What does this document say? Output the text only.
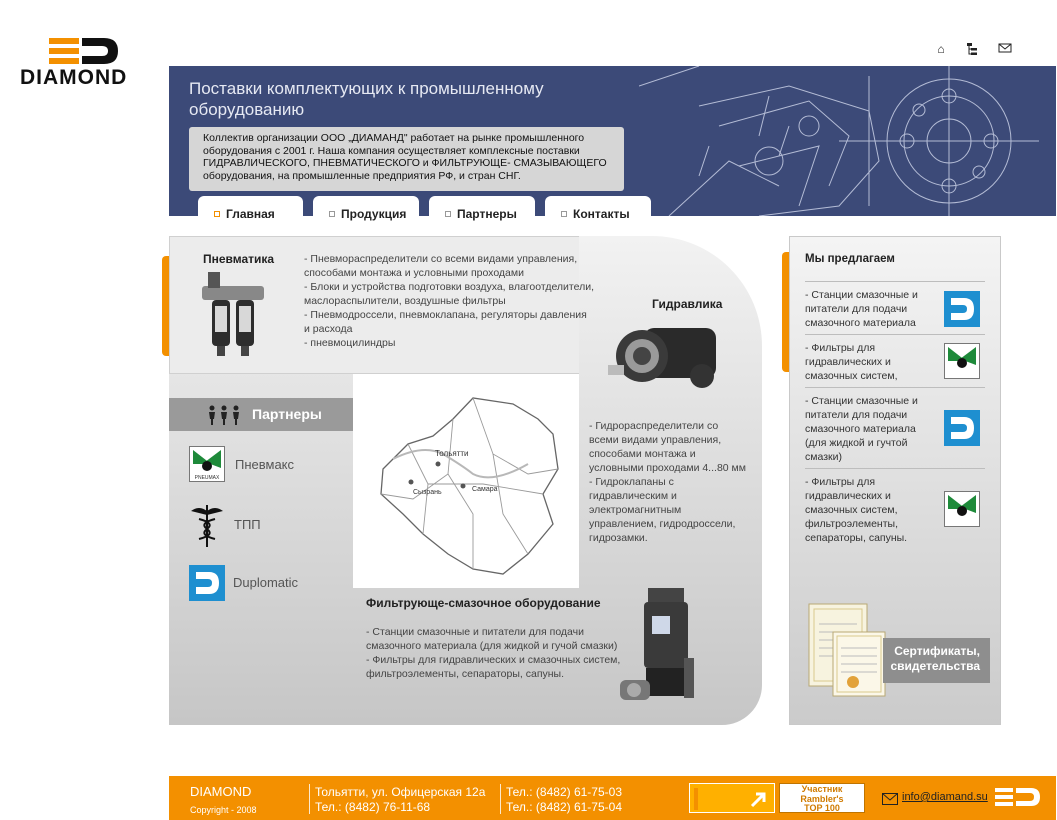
DIAMOND
⌂
Поставки комплектующих к промышленному оборудованию
Коллектив организации ООО „ДИАМАНД" работает на рынке промышленного оборудования с 2001 г. Наша компания осуществляет комплексные поставки ГИДРАВЛИЧЕСКОГО, ПНЕВМАТИЧЕСКОГО и ФИЛЬТРУЮЩЕ- СМАЗЫВАЮЩЕГО оборудования, на промышленные предприятия РФ, и стран СНГ.
Главная	Продукция	Партнеры	Контакты
Пневматика	- Пневмораспределители со всеми видами управления,
способами монтажа и условными проходами
- Блоки и устройства подготовки воздуха, влагоотделители,
маслораспылители, воздушные фильтры
- Пневмодроссели, пневмоклапана, регуляторы давления
и расхода
- пневмоцилиндры
Гидравлика
- Гидрораспределители со
всеми видами управления,
способами монтажа и
условными проходами 4...80 мм
- Гидроклапаны с
гидравлическим и
электромагнитным
управлением, гидродроссели,
гидрозамки.
Тольятти
Самара
Сызрань
Партнеры
PNEUMAX
Пневмакс
ТПП
Duplomatic
Фильтрующе-смазочное оборудование
- Станции смазочные и питатели для подачи
смазочного материала (для жидкой и гучой смазки)
- Фильтры для гидравлических и смазочных систем,
фильтроэлементы, сепараторы, сапуны.
Мы предлагаем
- Станции смазочные и
питатели для подачи
смазочного материала
- Фильтры для
гидравлических и
смазочных систем,
- Станции смазочные и
питатели для подачи
смазочного материала
(для жидкой и гучтой
смазки)
- Фильтры для
гидравлических и
смазочных систем,
фильтроэлементы,
сепараторы, сапуны.
Сертификаты,
свидетельства
DIAMOND
Copyright - 2008
Тольятти, ул. Офицерская 12а
Тел.: (8482) 76-11-68
Тел.: (8482) 61-75-03
Тел.: (8482) 61-75-04
Участник
Rambler's
TOP 100
info@diamand.su
